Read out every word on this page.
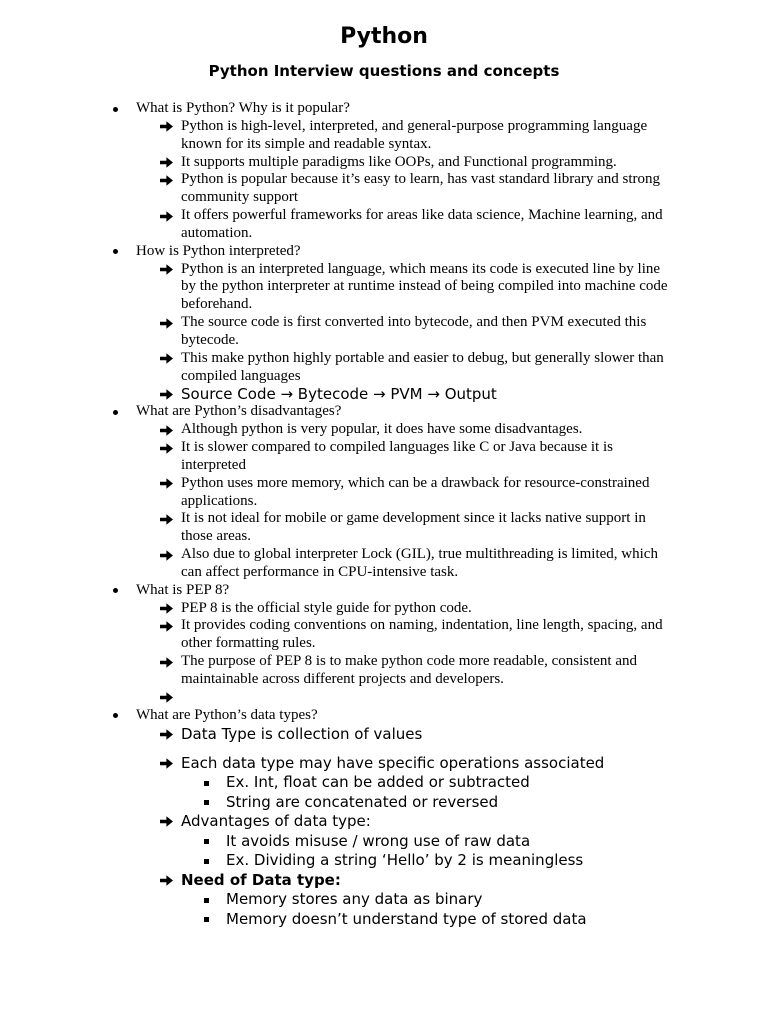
Python
Python Interview questions and concepts
What is Python? Why is it popular?
Python is high-level, interpreted, and general-purpose programming language known for its simple and readable syntax.
It supports multiple paradigms like OOPs, and Functional programming.
Python is popular because it’s easy to learn, has vast standard library and strong community support
It offers powerful frameworks for areas like data science, Machine learning, and automation.
How is Python interpreted?
Python is an interpreted language, which means its code is executed line by line by the python interpreter at runtime instead of being compiled into machine code beforehand.
The source code is first converted into bytecode, and then PVM executed this bytecode.
This make python highly portable and easier to debug, but generally slower than compiled languages
Source Code → Bytecode → PVM → Output
What are Python’s disadvantages?
Although python is very popular, it does have some disadvantages.
It is slower compared to compiled languages like C or Java because it is interpreted
Python uses more memory, which can be a drawback for resource-constrained applications.
It is not ideal for mobile or game development since it lacks native support in those areas.
Also due to global interpreter Lock (GIL), true multithreading is limited, which can affect performance in CPU-intensive task.
What is PEP 8?
PEP 8 is the official style guide for python code.
It provides coding conventions on naming, indentation, line length, spacing, and other formatting rules.
The purpose of PEP 8 is to make python code more readable, consistent and maintainable across different projects and developers.
What are Python’s data types?
Data Type is collection of values
Each data type may have specific operations associated
Ex. Int, float can be added or subtracted
String are concatenated or reversed
Advantages of data type:
It avoids misuse / wrong use of raw data
Ex. Dividing a string ‘Hello’ by 2 is meaningless
Need of Data type:
Memory stores any data as binary
Memory doesn’t understand type of stored data
